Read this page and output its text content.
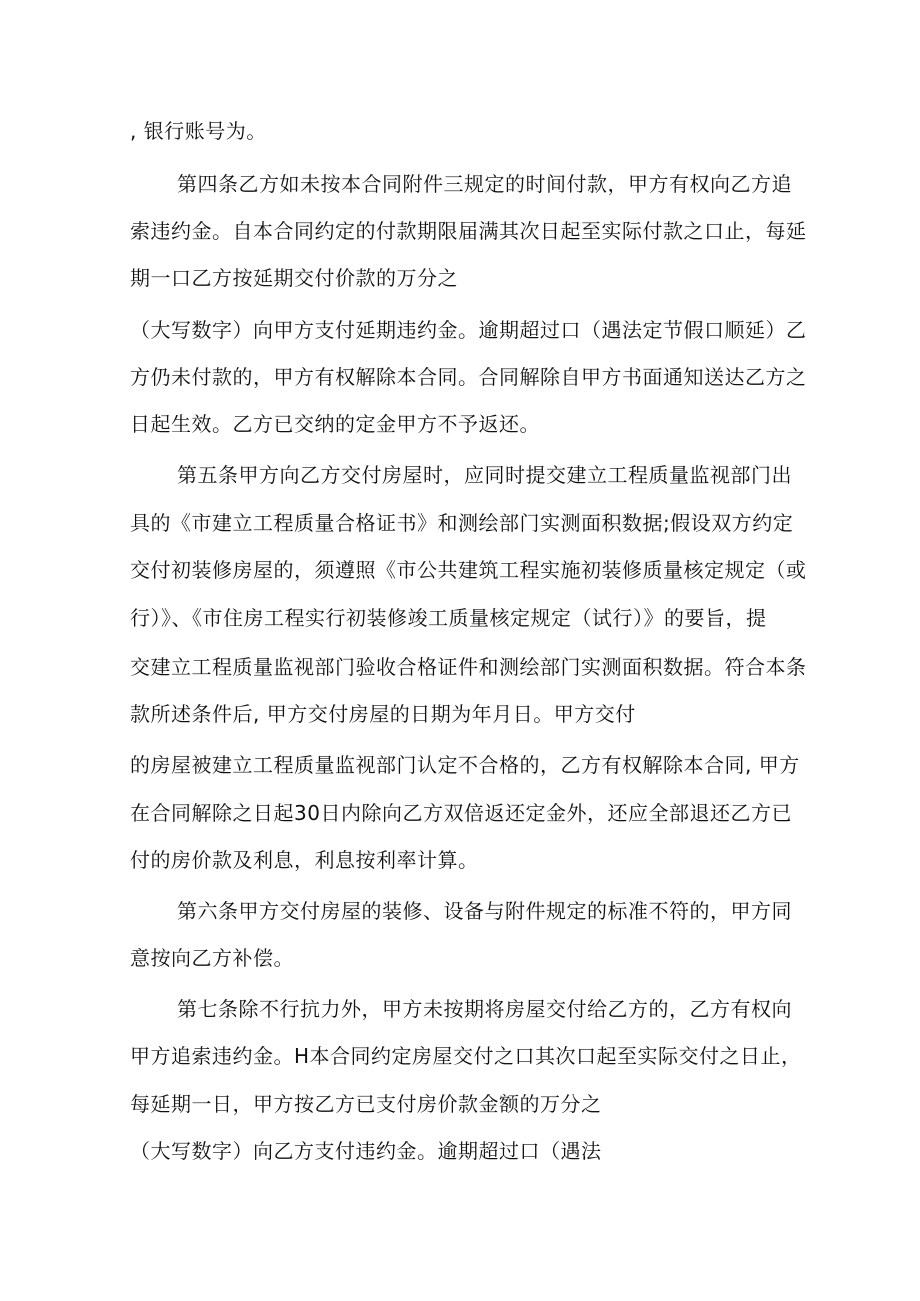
, 银行账号为。
第四条乙方如未按本合同附件三规定的时间付款，甲方有权向乙方追
索违约金。自本合同约定的付款期限届满其次日起至实际付款之口止，每延
期一口乙方按延期交付价款的万分之
（大写数字）向甲方支付延期违约金。逾期超过口（遇法定节假口顺延）乙
方仍未付款的，甲方有权解除本合同。合同解除自甲方书面通知送达乙方之
日起生效。乙方已交纳的定金甲方不予返还。
第五条甲方向乙方交付房屋时，应同时提交建立工程质量监视部门出
具的《市建立工程质量合格证书》和测绘部门实测面积数据;假设双方约定
交付初装修房屋的，须遵照《市公共建筑工程实施初装修质量核定规定（或
行）》、《市住房工程实行初装修竣工质量核定规定（试行）》的要旨，提
交建立工程质量监视部门验收合格证件和测绘部门实测面积数据。符合本条
款所述条件后, 甲方交付房屋的日期为年月日。甲方交付
的房屋被建立工程质量监视部门认定不合格的，乙方有权解除本合同, 甲方
在合同解除之日起30日内除向乙方双倍返还定金外，还应全部退还乙方已
付的房价款及利息，利息按利率计算。
第六条甲方交付房屋的装修、设备与附件规定的标准不符的，甲方同
意按向乙方补偿。
第七条除不行抗力外，甲方未按期将房屋交付给乙方的，乙方有权向
甲方追索违约金。H本合同约定房屋交付之口其次口起至实际交付之日止，
每延期一日，甲方按乙方已支付房价款金额的万分之
（大写数字）向乙方支付违约金。逾期超过口（遇法
